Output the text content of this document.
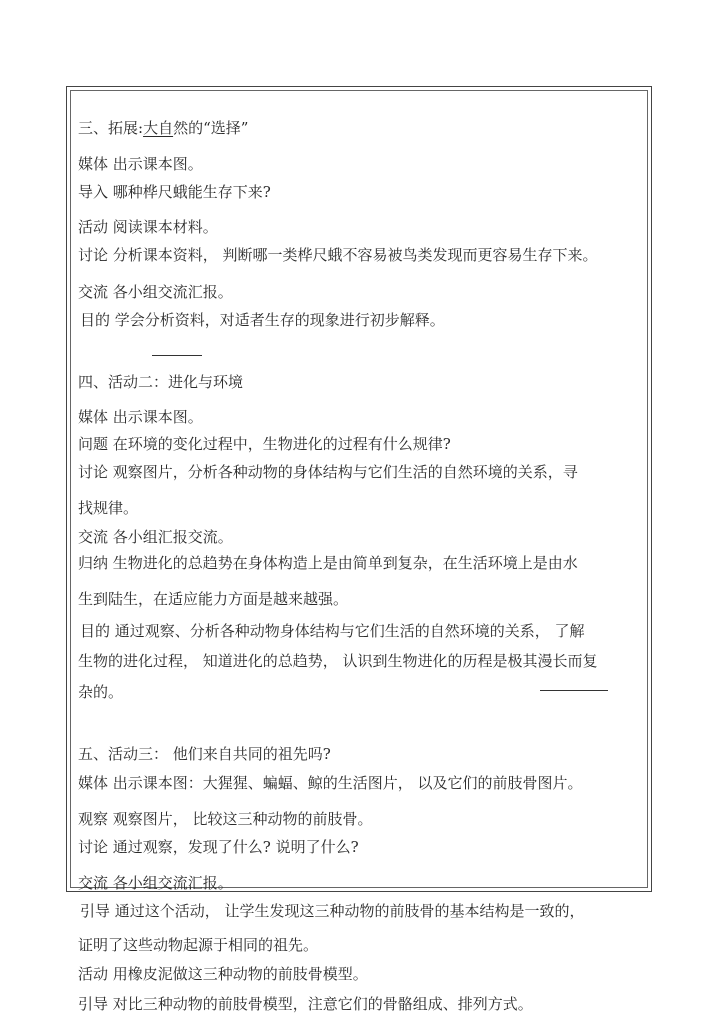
三、拓展:大自然的“选择”
媒体 出示课本图。
导入 哪种桦尺蛾能生存下来?
活动 阅读课本材料。
讨论 分析课本资料， 判断哪一类桦尺蛾不容易被鸟类发现而更容易生存下来。
交流 各小组交流汇报。
目的 学会分析资料，对适者生存的现象进行初步解释。
四、活动二：进化与环境
媒体 出示课本图。
问题 在环境的变化过程中，生物进化的过程有什么规律?
讨论 观察图片，分析各种动物的身体结构与它们生活的自然环境的关系，寻
找规律。
交流 各小组汇报交流。
归纳 生物进化的总趋势在身体构造上是由简单到复杂，在生活环境上是由水
生到陆生，在适应能力方面是越来越强。
目的 通过观察、分析各种动物身体结构与它们生活的自然环境的关系， 了解
生物的进化过程， 知道进化的总趋势， 认识到生物进化的历程是极其漫长而复
杂的。
五、活动三： 他们来自共同的祖先吗?
媒体 出示课本图：大猩猩、蝙蝠、鲸的生活图片， 以及它们的前肢骨图片。
观察 观察图片， 比较这三种动物的前肢骨。
讨论 通过观察，发现了什么? 说明了什么?
交流 各小组交流汇报。
引导 通过这个活动， 让学生发现这三种动物的前肢骨的基本结构是一致的，
证明了这些动物起源于相同的祖先。
活动 用橡皮泥做这三种动物的前肢骨模型。
引导 对比三种动物的前肢骨模型，注意它们的骨骼组成、排列方式。
